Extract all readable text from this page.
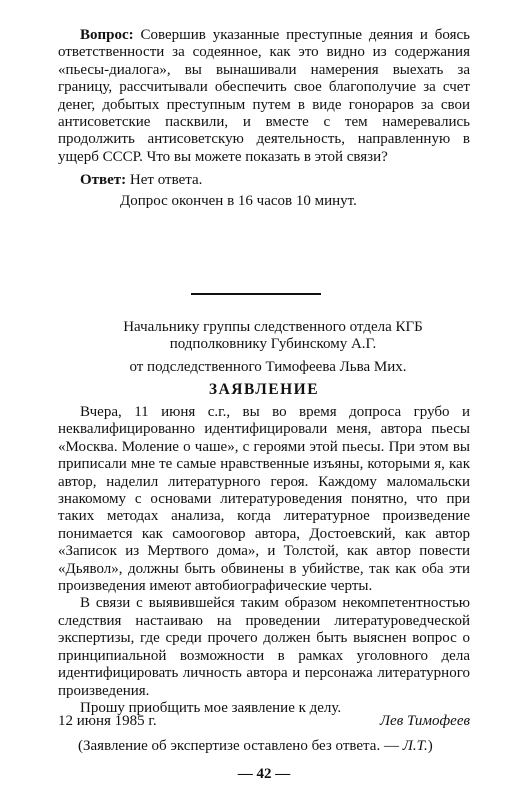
Вопрос: Совершив указанные преступные деяния и боясь ответственности за содеянное, как это видно из содержания «пьесы-диалога», вы вынашивали намерения выехать за границу, рассчитывали обеспечить свое благополучие за счет денег, добытых преступным путем в виде гонораров за свои антисоветские пасквили, и вместе с тем намеревались продолжить антисоветскую деятельность, направленную в ущерб СССР. Что вы можете показать в этой связи?
Ответ: Нет ответа.
Допрос окончен в 16 часов 10 минут.

Начальнику группы следственного отдела КГБ

подполковнику Губинскому А.Г.

от подследственного Тимофеева Льва Мих.
ЗАЯВЛЕНИЕ

Вчера, 11 июня с.г., вы во время допроса грубо и неквалифицированно идентифицировали меня, автора пьесы «Москва. Моление о чаше», с героями этой пьесы. При этом вы приписали мне те самые нравственные изъяны, которыми я, как автор, наделил литературного героя. Каждому маломальски знакомому с основами литературоведения понятно, что при таких методах анализа, когда литературное произведение понимается как самооговор автора, Достоевский, как автор «Записок из Мертвого дома», и Толстой, как автор повести «Дьявол», должны быть обвинены в убийстве, так как оба эти произведения имеют автобиографические черты.

В связи с выявившейся таким образом некомпетентностью следствия настаиваю на проведении литературоведческой экспертизы, где среди прочего должен быть выяснен вопрос о принципиальной возможности в рамках уголовного дела идентифицировать личность автора и персонажа литературного произведения.

Прошу приобщить мое заявление к делу.

12 июня 1985 г.	Лев Тимофеев
(Заявление об экспертизе оставлено без ответа. — Л.Т.)
— 42 —
